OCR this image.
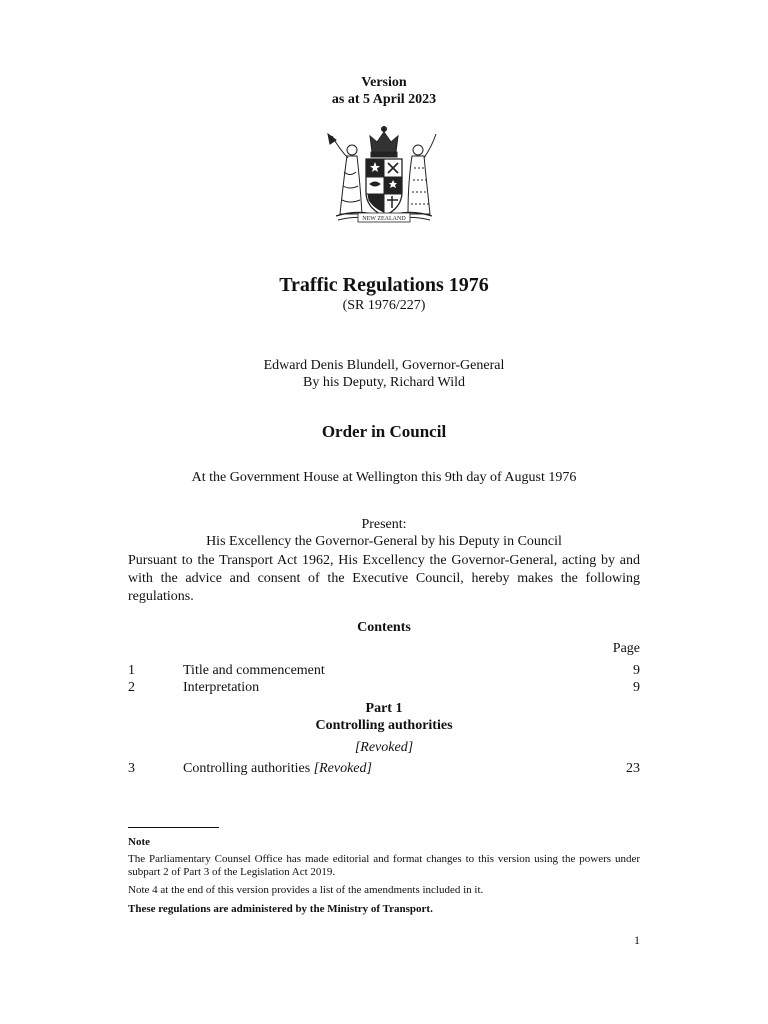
Version
as at 5 April 2023
NEW ZEALAND
Traffic Regulations 1976
(SR 1976/227)
Edward Denis Blundell, Governor-General
By his Deputy, Richard Wild
Order in Council
At the Government House at Wellington this 9th day of August 1976
Present:
His Excellency the Governor-General by his Deputy in Council
Pursuant to the Transport Act 1962, His Excellency the Governor-General, acting by and with the advice and consent of the Executive Council, hereby makes the following regulations.
Contents
Page
1	Title and commencement	9
2	Interpretation	9
Part 1
Controlling authorities
[Revoked]
3	Controlling authorities [Revoked]	23
Note
The Parliamentary Counsel Office has made editorial and format changes to this version using the powers under subpart 2 of Part 3 of the Legislation Act 2019.
Note 4 at the end of this version provides a list of the amendments included in it.
These regulations are administered by the Ministry of Transport.
1
